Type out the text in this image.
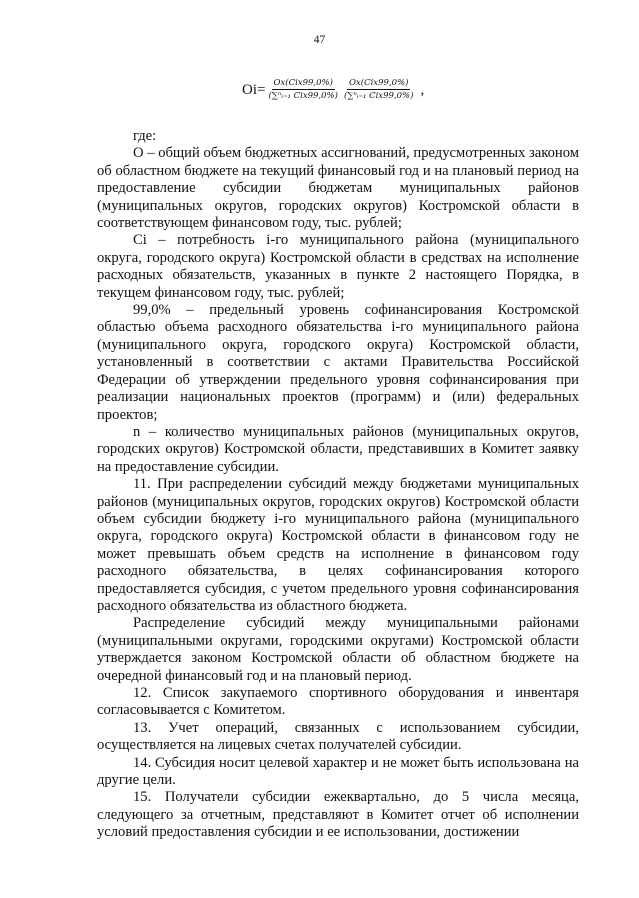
47
$Oi= \frac{\text{Ox(Cix99,0\%)}}{\text{(∑ⁿᵢ₌₁ Cix99,0\%)}} \frac{\text{Ox(Cix99,0\%)}}{\text{(∑ⁿᵢ₌₁ Cix99,0\%)}}$ ,

где:

O – общий объем бюджетных ассигнований, предусмотренных законом об областном бюджете на текущий финансовый год и на плановый период на предоставление субсидии бюджетам муниципальных районов (муниципальных округов, городских округов) Костромской области в соответствующем финансовом году, тыс. рублей;

Ci – потребность i-го муниципального района (муниципального округа, городского округа) Костромской области в средствах на исполнение расходных обязательств, указанных в пункте 2 настоящего Порядка, в текущем финансовом году, тыс. рублей;

99,0% – предельный уровень софинансирования Костромской областью объема расходного обязательства i-го муниципального района (муниципального округа, городского округа) Костромской области, установленный в соответствии с актами Правительства Российской Федерации об утверждении предельного уровня софинансирования при реализации национальных проектов (программ) и (или) федеральных проектов;

n – количество муниципальных районов (муниципальных округов, городских округов) Костромской области, представивших в Комитет заявку на предоставление субсидии.

11. При распределении субсидий между бюджетами муниципальных районов (муниципальных округов, городских округов) Костромской области объем субсидии бюджету i-го муниципального района (муниципального округа, городского округа) Костромской области в финансовом году не может превышать объем средств на исполнение в финансовом году расходного обязательства, в целях софинансирования которого предоставляется субсидия, с учетом предельного уровня софинансирования расходного обязательства из областного бюджета.

Распределение субсидий между муниципальными районами (муниципальными округами, городскими округами) Костромской области утверждается законом Костромской области об областном бюджете на очередной финансовый год и на плановый период.

12. Список закупаемого спортивного оборудования и инвентаря согласовывается с Комитетом.

13. Учет операций, связанных с использованием субсидии, осуществляется на лицевых счетах получателей субсидии.

14. Субсидия носит целевой характер и не может быть использована на другие цели.

15. Получатели субсидии ежеквартально, до 5 числа месяца, следующего за отчетным, представляют в Комитет отчет об исполнении условий предоставления субсидии и ее использовании, достижении
